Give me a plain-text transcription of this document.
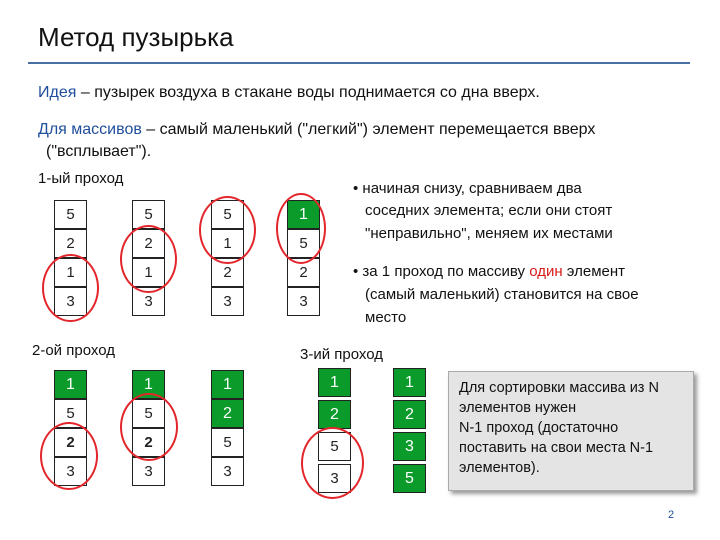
Метод пузырька
Идея – пузырек воздуха в стакане воды поднимается со дна вверх.
Для массивов – самый маленький ("легкий") элемент перемещается вверх
("всплывает").
1-ый проход
2-ой проход	3-ий проход
• начиная снизу, сравниваем два
соседних элемента; если они стоят
"неправильно", меняем их местами
• за 1 проход по массиву один элемент
(самый маленький) становится на свое
место
5
2
1
3
5
2
1
3
5
1
2
3
1
5
2
3
1
5
2
3
1
5
2
3
1
2
5
3
1
2
5
3
1
2
3
5
Для сортировки массива из N
элементов нужен
N-1 проход (достаточно
поставить на свои места N-1
элементов).
2
